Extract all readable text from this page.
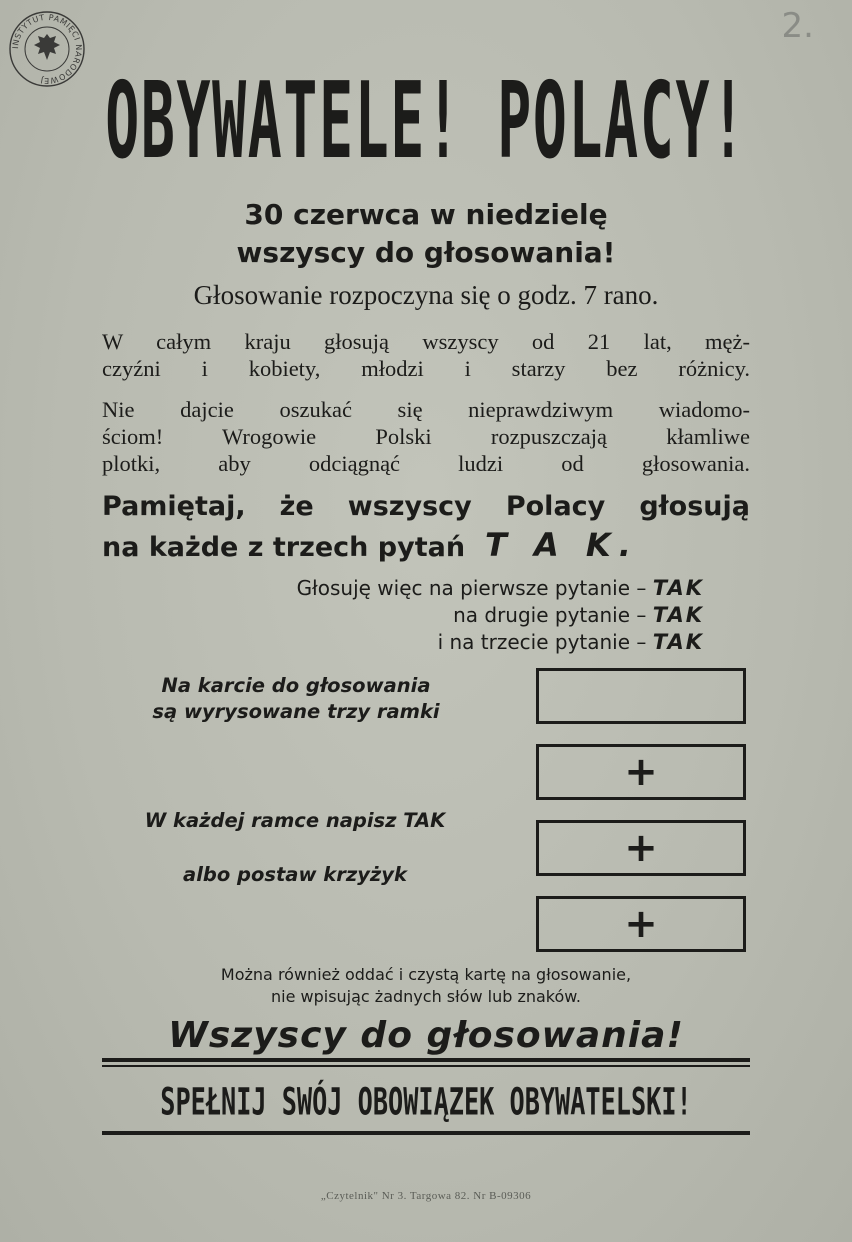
INSTYTUT PAMIĘCI NARODOWEJ
2.
OBYWATELE! POLACY!
30 czerwca w niedzielę
wszyscy do głosowania!
Głosowanie rozpoczyna się o godz. 7 rano.
W całym kraju głosują wszyscy od 21 lat, męż-
czyźni i kobiety, młodzi i starzy bez różnicy.
Nie dajcie oszukać się nieprawdziwym wiadomo-
ściom! Wrogowie Polski rozpuszczają kłamliwe
plotki, aby odciągnąć ludzi od głosowania.
Pamiętaj, że wszyscy Polacy głosują
na każde z trzech pytań T A K.
Głosuję więc na pierwsze pytanie – TAK
na drugie pytanie – TAK
i na trzecie pytanie – TAK
Na karcie do głosowania
są wyrysowane trzy ramki
W każdej ramce napisz TAK
albo postaw krzyżyk
+
+
+
Można również oddać i czystą kartę na głosowanie,
nie wpisując żadnych słów lub znaków.
Wszyscy do głosowania!
SPEŁNIJ SWÓJ OBOWIĄZEK OBYWATELSKI!
„Czytelnik" Nr 3. Targowa 82. Nr B-09306
